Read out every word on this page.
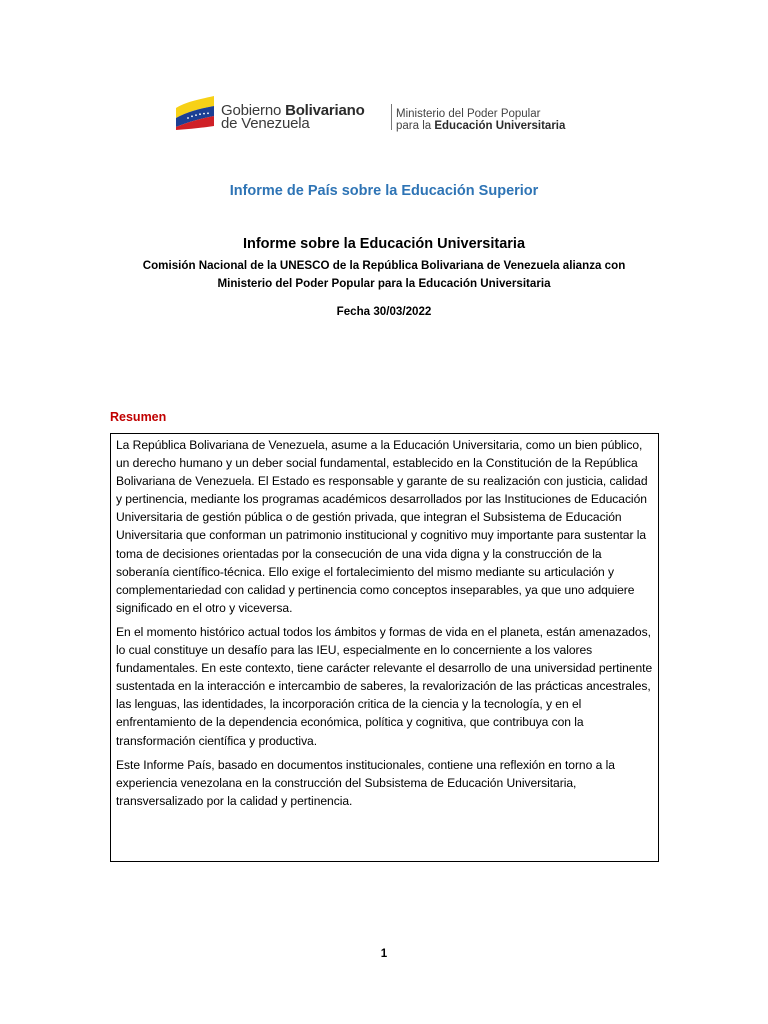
Gobierno Bolivariano
de Venezuela
Ministerio del Poder Popular
para la Educación Universitaria
Informe de País sobre la Educación Superior
Informe sobre la Educación Universitaria
Comisión Nacional de la UNESCO de la República Bolivariana de Venezuela alianza con
Ministerio del Poder Popular para la Educación Universitaria
Fecha 30/03/2022
Resumen

La República Bolivariana de Venezuela, asume a la Educación Universitaria, como un bien público, un derecho humano y un deber social fundamental, establecido en la Constitución de la República Bolivariana de Venezuela. El Estado es responsable y garante de su realización con justicia, calidad y pertinencia, mediante los programas académicos desarrollados por las Instituciones de Educación Universitaria de gestión pública o de gestión privada, que integran el Subsistema de Educación Universitaria que conforman un patrimonio institucional y cognitivo muy importante para sustentar la toma de decisiones orientadas por la consecución de una vida digna y la construcción de la soberanía científico-técnica. Ello exige el fortalecimiento del mismo mediante su articulación y complementariedad con calidad y pertinencia como conceptos inseparables, ya que uno adquiere significado en el otro y viceversa.

En el momento histórico actual todos los ámbitos y formas de vida en el planeta, están amenazados, lo cual constituye un desafío para las IEU, especialmente en lo concerniente a los valores fundamentales. En este contexto, tiene carácter relevante el desarrollo de una universidad pertinente sustentada en la interacción e intercambio de saberes, la revalorización de las prácticas ancestrales, las lenguas, las identidades, la incorporación critica de la ciencia y la tecnología, y en el enfrentamiento de la dependencia económica, política y cognitiva, que contribuya con la transformación científica y productiva.

Este Informe País, basado en documentos institucionales, contiene una reflexión en torno a la experiencia venezolana en la construcción del Subsistema de Educación Universitaria, transversalizado por la calidad y pertinencia.

1
